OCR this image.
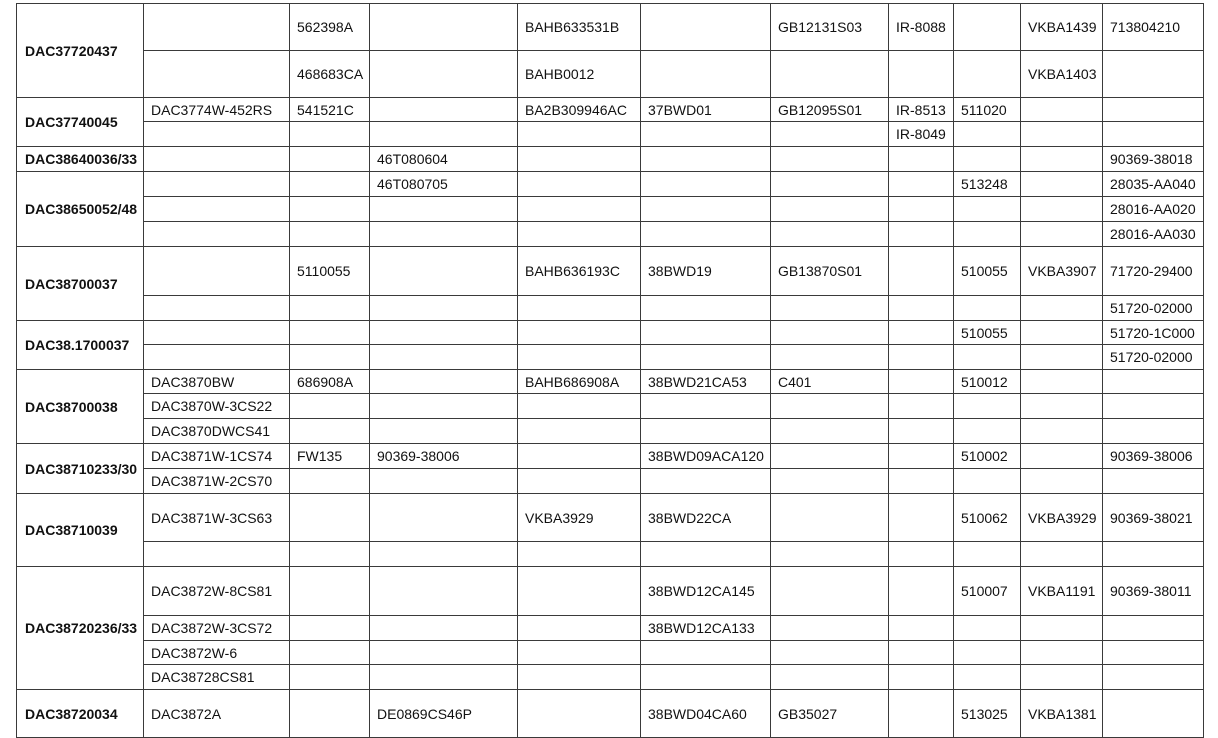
DAC37720437		562398A		BAHB633531B		GB12131S03	IR-8088		VKBA1439	713804210
		468683CA		BAHB0012					VKBA1403	
DAC37740045	DAC3774W-452RS	541521C		BA2B309946AC	37BWD01	GB12095S01	IR-8513	511020		
							IR-8049			
DAC38640036/33			46T080604							90369-38018
DAC38650052/48			46T080705					513248		28035-AA040
										28016-AA020
										28016-AA030
DAC38700037		5110055		BAHB636193C	38BWD19	GB13870S01		510055	VKBA3907	71720-29400
										51720-02000
DAC38.1700037								510055		51720-1C000
										51720-02000
DAC38700038	DAC3870BW	686908A		BAHB686908A	38BWD21CA53	C401		510012		
	DAC3870W-3CS22									
	DAC3870DWCS41									
DAC38710233/30	DAC3871W-1CS74	FW135	90369-38006		38BWD09ACA120			510002		90369-38006
	DAC3871W-2CS70									
DAC38710039	DAC3871W-3CS63			VKBA3929	38BWD22CA			510062	VKBA3929	90369-38021

DAC38720236/33	DAC3872W-8CS81				38BWD12CA145			510007	VKBA1191	90369-38011
	DAC3872W-3CS72				38BWD12CA133					
	DAC3872W-6									
	DAC38728CS81									
DAC38720034	DAC3872A		DE0869CS46P		38BWD04CA60	GB35027		513025	VKBA1381	
